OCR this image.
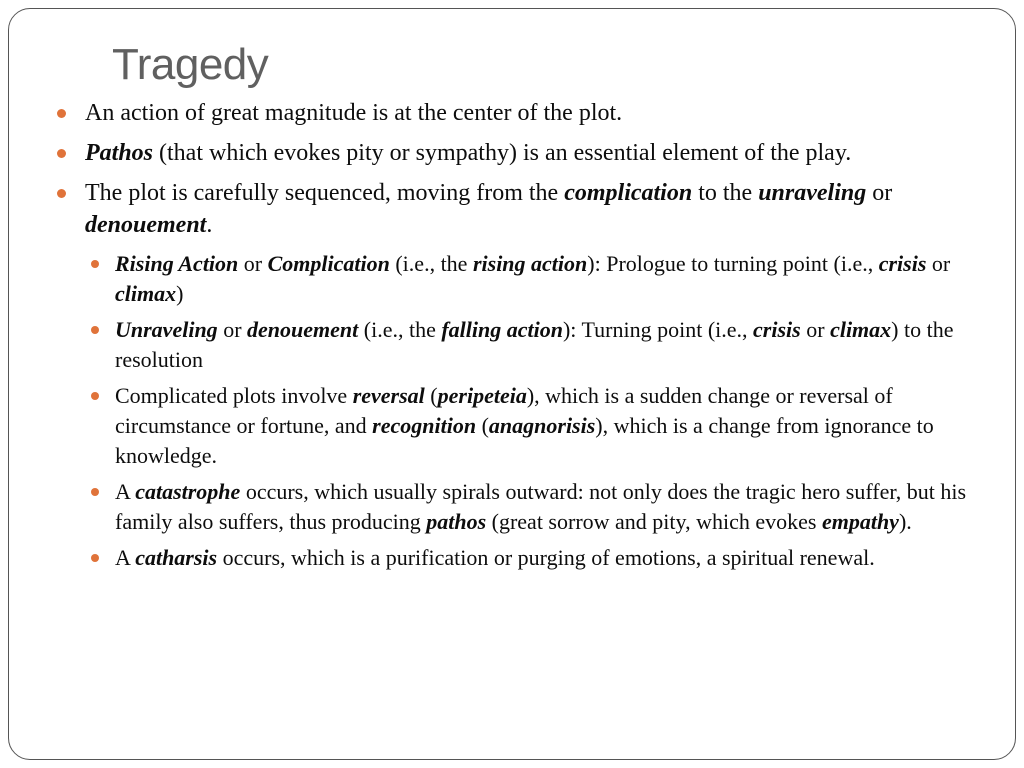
Tragedy
An action of great magnitude is at the center of the plot.
Pathos (that which evokes pity or sympathy) is an essential element of the play.
The plot is carefully sequenced, moving from the complication to the unraveling or denouement.
Rising Action or Complication (i.e., the rising action): Prologue to turning point (i.e., crisis or climax)
Unraveling or denouement (i.e., the falling action): Turning point (i.e., crisis or climax) to the resolution
Complicated plots involve reversal (peripeteia), which is a sudden change or reversal of circumstance or fortune, and recognition (anagnorisis), which is a change from ignorance to knowledge.
A catastrophe occurs, which usually spirals outward: not only does the tragic hero suffer, but his family also suffers, thus producing pathos (great sorrow and pity, which evokes empathy).
A catharsis occurs, which is a purification or purging of emotions, a spiritual renewal.
